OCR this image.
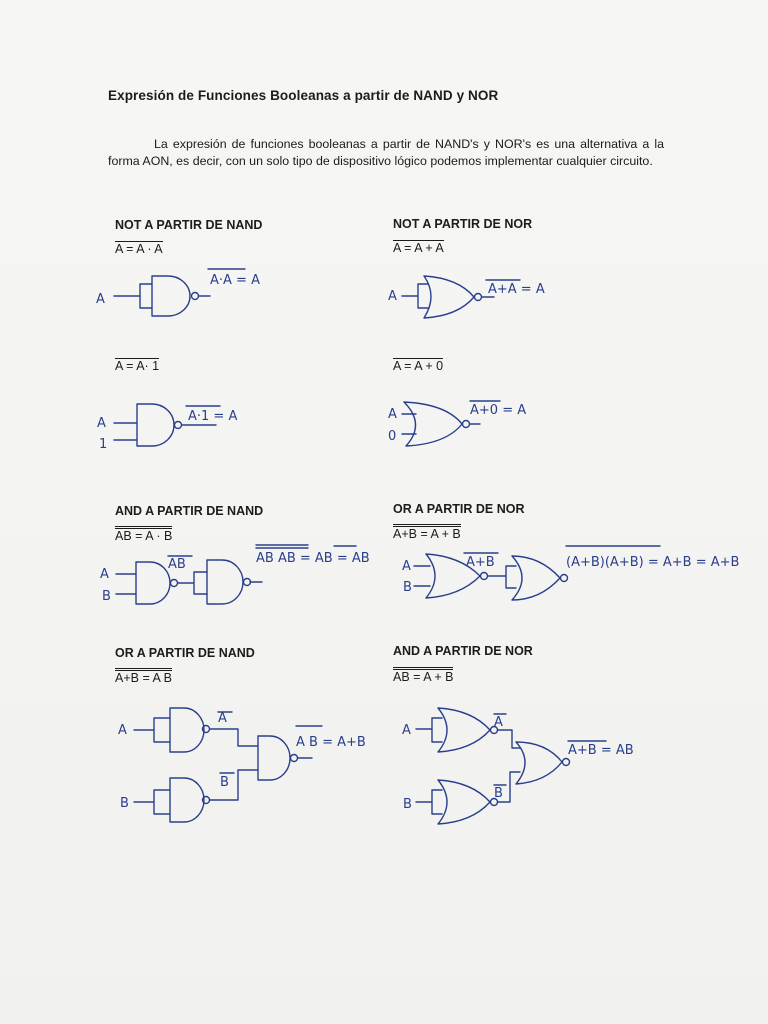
Expresión de Funciones Booleanas a partir de NAND y NOR
La expresión de funciones booleanas a partir de NAND's y NOR's es una alternativa a la forma AON, es decir, con un solo tipo de dispositivo lógico podemos implementar cualquier circuito.
NOT A PARTIR DE NAND
A = A · A
A = A· 1
NOT A PARTIR DE NOR
A = A + A
A = A + 0
AND A PARTIR DE NAND
AB = A · B
OR A PARTIR DE NOR
A+B = A + B
OR A PARTIR DE NAND
A+B = A B
AND A PARTIR DE NOR
AB = A + B
A
A·A = A
A
1
A·1 = A
A	A+A = A
A
0
A+0 = A
A
B
AB	AB AB = AB = AB
A
B
A+B	(A+B)(A+B) = A+B = A+B
A
B
A
B
A B = A+B
A
B
A
B
A+B = AB
